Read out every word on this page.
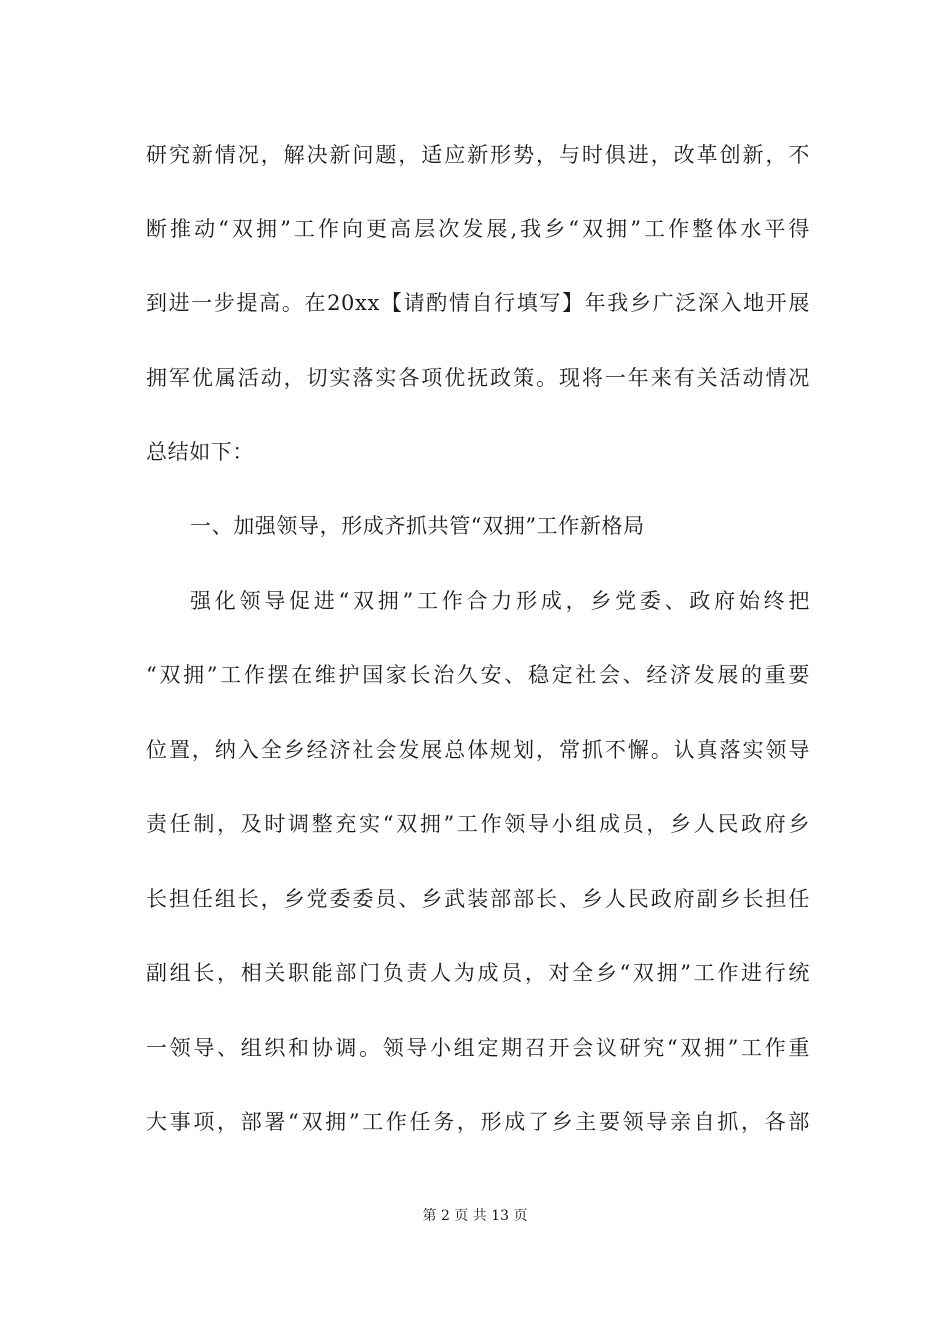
研究新情况，解决新问题，适应新形势，与时俱进，改革创新，不
断推动“双拥”工作向更高层次发展,我乡“双拥”工作整体水平得
到进一步提高。在20xx【请酌情自行填写】年我乡广泛深入地开展
拥军优属活动，切实落实各项优抚政策。现将一年来有关活动情况
总结如下：
一、加强领导，形成齐抓共管“双拥”工作新格局
强化领导促进“双拥”工作合力形成，乡党委、政府始终把
“双拥”工作摆在维护国家长治久安、稳定社会、经济发展的重要
位置，纳入全乡经济社会发展总体规划，常抓不懈。认真落实领导
责任制，及时调整充实“双拥”工作领导小组成员，乡人民政府乡
长担任组长，乡党委委员、乡武装部部长、乡人民政府副乡长担任
副组长，相关职能部门负责人为成员，对全乡“双拥”工作进行统
一领导、组织和协调。领导小组定期召开会议研究“双拥”工作重
大事项，部署“双拥”工作任务，形成了乡主要领导亲自抓，各部
第 2 页 共 13 页
